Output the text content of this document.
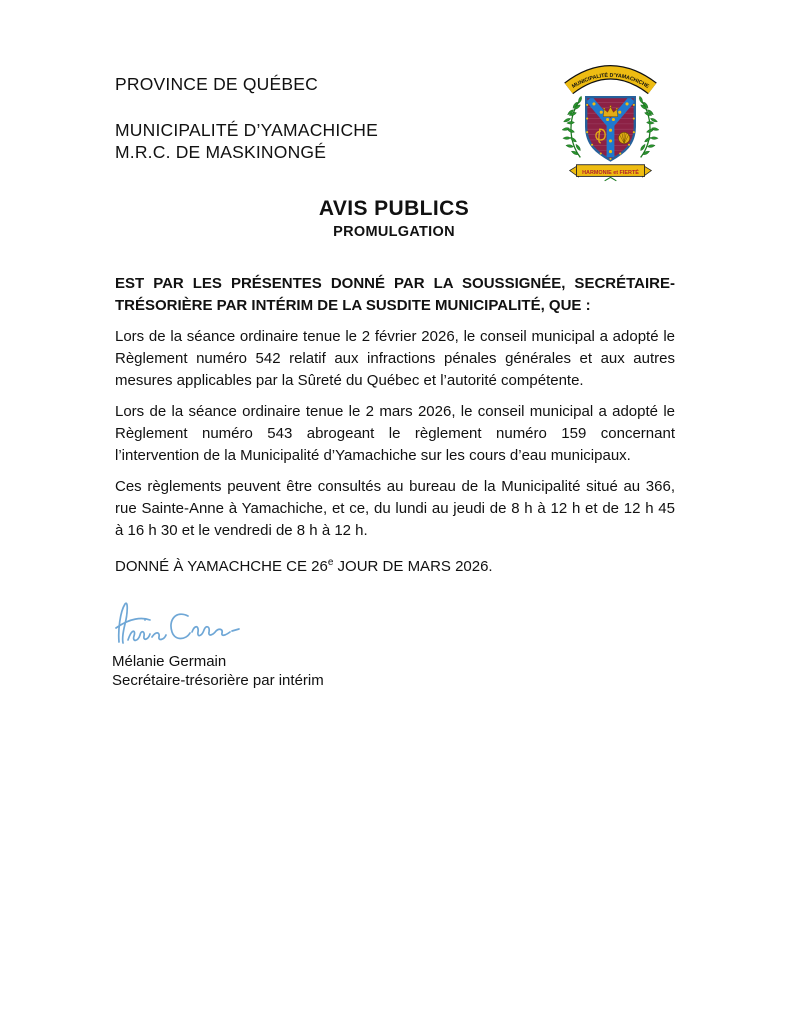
PROVINCE DE QUÉBEC

MUNICIPALITÉ D’YAMACHICHE

M.R.C. DE MASKINONGÉ

MUNICIPALITÉ D’YAMACHICHE
HARMONIE et FIERTÉ
AVIS PUBLICS
PROMULGATION

EST PAR LES PRÉSENTES DONNÉ PAR LA SOUSSIGNÉE, SECRÉTAIRE-TRÉSORIÈRE PAR INTÉRIM DE LA SUSDITE MUNICIPALITÉ, QUE :

Lors de la séance ordinaire tenue le 2 février 2026, le conseil municipal a adopté le Règlement numéro 542 relatif aux infractions pénales générales et aux autres mesures applicables par la Sûreté du Québec et l’autorité compétente.

Lors de la séance ordinaire tenue le 2 mars 2026, le conseil municipal a adopté le Règlement numéro 543 abrogeant le règlement numéro 159 concernant l’intervention de la Municipalité d’Yamachiche sur les cours d’eau municipaux.

Ces règlements peuvent être consultés au bureau de la Municipalité situé au 366, rue Sainte-Anne à Yamachiche, et ce, du lundi au jeudi de 8 h à 12 h et de 12 h 45 à 16 h 30 et le vendredi de 8 h à 12 h.

DONNÉ À YAMACHCHE CE 26e JOUR DE MARS 2026.

Mélanie Germain

Secrétaire-trésorière par intérim
